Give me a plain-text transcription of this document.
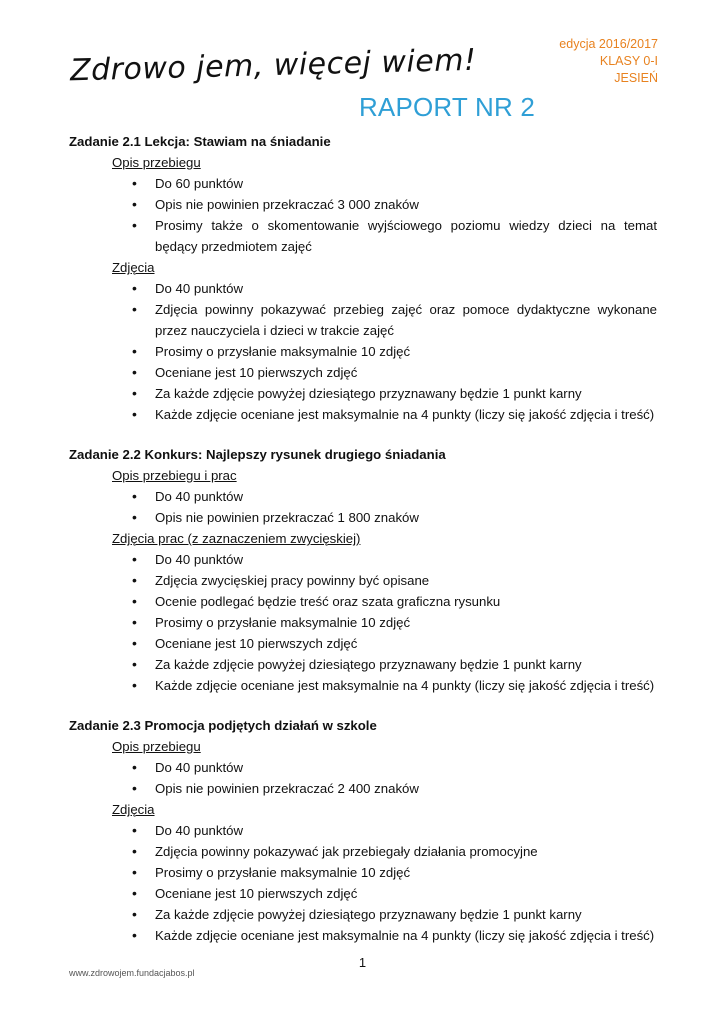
Zdrowo jem, więcej wiem!	edycja 2016/2017
KLASY 0-I
JESIEŃ
RAPORT NR 2
Zadanie 2.1 Lekcja: Stawiam na śniadanie
Opis przebiegu
• Do 60 punktów
• Opis nie powinien przekraczać 3 000 znaków
• Prosimy także o skomentowanie wyjściowego poziomu wiedzy dzieci na temat będący przedmiotem zajęć
Zdjęcia
• Do 40 punktów
• Zdjęcia powinny pokazywać przebieg zajęć oraz pomoce dydaktyczne wykonane przez nauczyciela i dzieci w trakcie zajęć
• Prosimy o przysłanie maksymalnie 10 zdjęć
• Oceniane jest 10 pierwszych zdjęć
• Za każde zdjęcie powyżej dziesiątego przyznawany będzie 1 punkt karny
• Każde zdjęcie oceniane jest maksymalnie na 4 punkty (liczy się jakość zdjęcia i treść)
Zadanie 2.2 Konkurs: Najlepszy rysunek drugiego śniadania
Opis przebiegu i prac
• Do 40 punktów
• Opis nie powinien przekraczać 1 800 znaków
Zdjęcia prac (z zaznaczeniem zwycięskiej)
• Do 40 punktów
• Zdjęcia zwycięskiej pracy powinny być opisane
• Ocenie podlegać będzie treść oraz szata graficzna rysunku
• Prosimy o przysłanie maksymalnie 10 zdjęć
• Oceniane jest 10 pierwszych zdjęć
• Za każde zdjęcie powyżej dziesiątego przyznawany będzie 1 punkt karny
• Każde zdjęcie oceniane jest maksymalnie na 4 punkty (liczy się jakość zdjęcia i treść)
Zadanie 2.3 Promocja podjętych działań w szkole
Opis przebiegu
• Do 40 punktów
• Opis nie powinien przekraczać 2 400 znaków
Zdjęcia
• Do 40 punktów
• Zdjęcia powinny pokazywać jak przebiegały działania promocyjne
• Prosimy o przysłanie maksymalnie 10 zdjęć
• Oceniane jest 10 pierwszych zdjęć
• Za każde zdjęcie powyżej dziesiątego przyznawany będzie 1 punkt karny
• Każde zdjęcie oceniane jest maksymalnie na 4 punkty (liczy się jakość zdjęcia i treść)
1
www.zdrowojem.fundacjabos.pl
